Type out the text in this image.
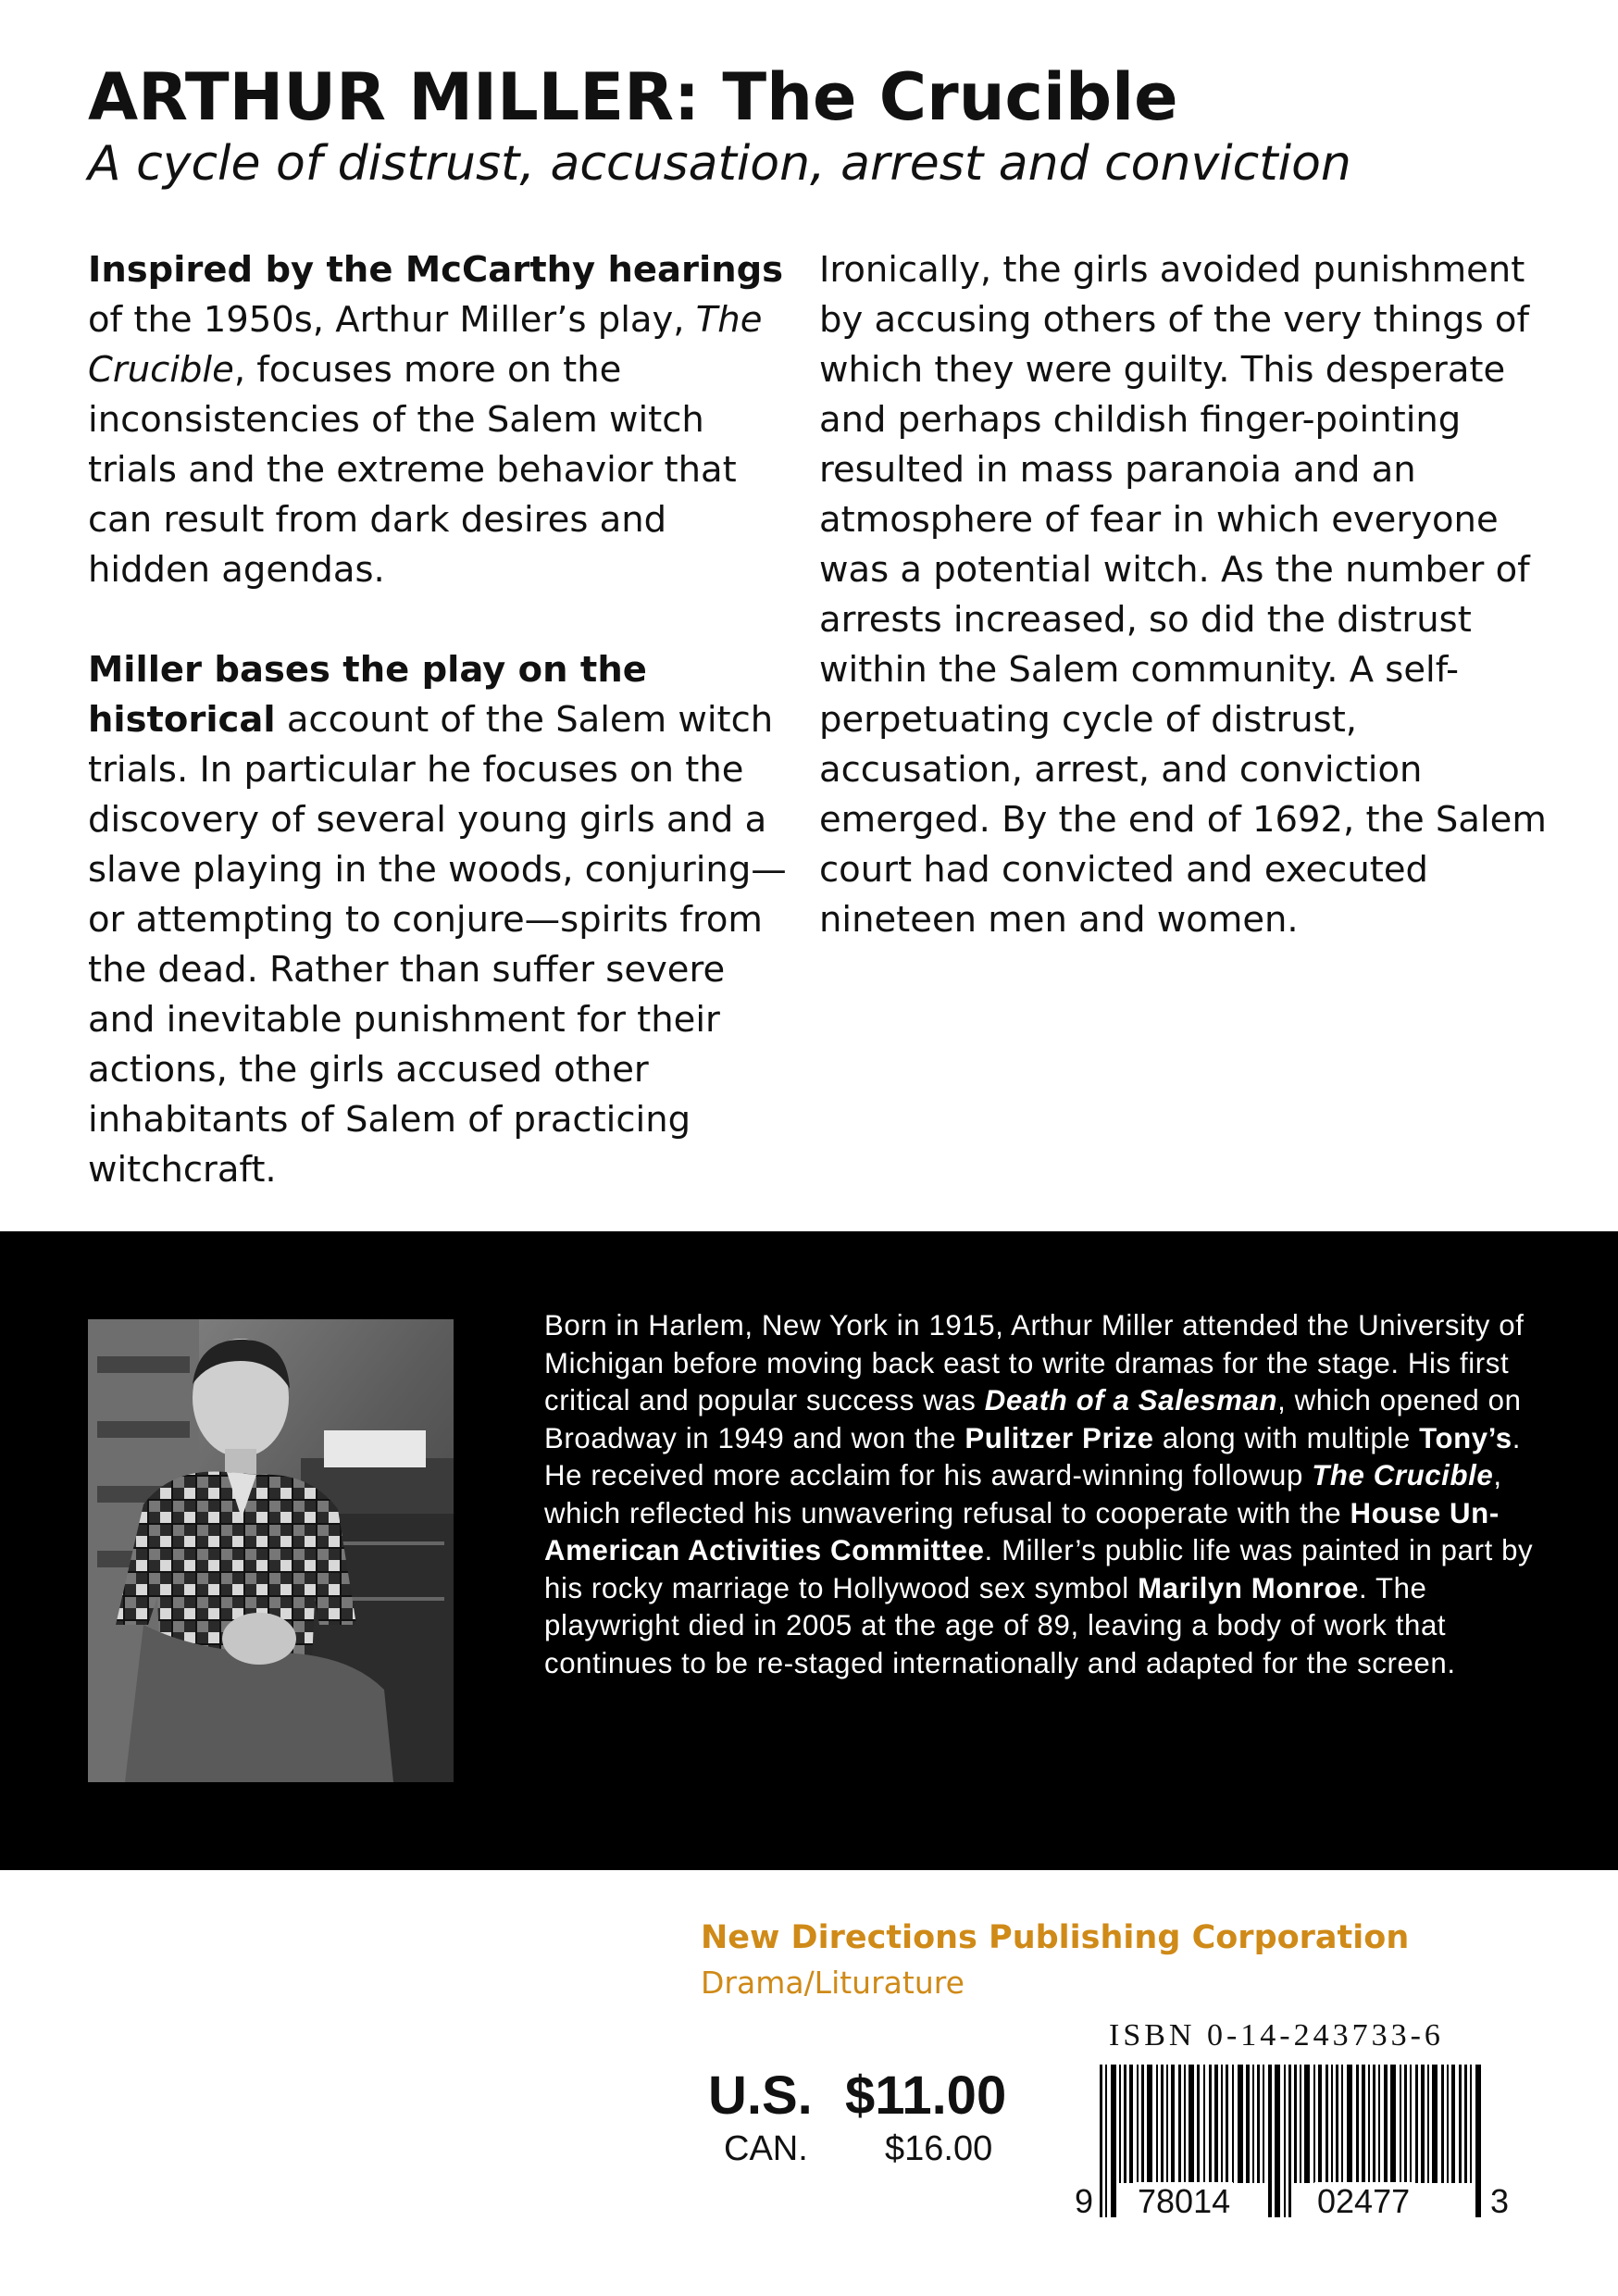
ARTHUR MILLER: The Crucible
A cycle of distrust, accusation, arrest and conviction

Inspired by the McCarthy hearings of the 1950s, Arthur Miller’s play, The Crucible, focuses more on the inconsistencies of the Salem witch trials and the extreme behavior that can result from dark desires and hidden agendas.

Miller bases the play on the historical account of the Salem witch trials. In particular he focuses on the discovery of several young girls and a slave playing in the woods, conjuring—or attempting to conjure—spirits from the dead. Rather than suffer severe and inevitable punishment for their actions, the girls accused other inhabitants of Salem of practicing witchcraft.

Ironically, the girls avoided punishment by accusing others of the very things of which they were guilty. This desperate and perhaps childish finger-pointing resulted in mass paranoia and an atmosphere of fear in which everyone was a potential witch. As the number of arrests increased, so did the distrust within the Salem community. A self-perpetuating cycle of distrust, accusation, arrest, and conviction emerged. By the end of 1692, the Salem court had convicted and executed nineteen men and women.

Born in Harlem, New York in 1915, Arthur Miller attended the University of Michigan before moving back east to write dramas for the stage. His first critical and popular success was Death of a Salesman, which opened on Broadway in 1949 and won the Pulitzer Prize along with multiple Tony’s. He received more acclaim for his award-winning followup The Crucible, which reflected his unwavering refusal to cooperate with the House Un-American Activities Committee. Miller’s public life was painted in part by his rocky marriage to Hollywood sex symbol Marilyn Monroe. The playwright died in 2005 at the age of 89, leaving a body of work that continues to be re-staged internationally and adapted for the screen.
New Directions Publishing Corporation
Drama/Liturature
ISBN 0-14-243733-6
U.S. $11.00
CAN. $16.00
9 78014	02477 3
